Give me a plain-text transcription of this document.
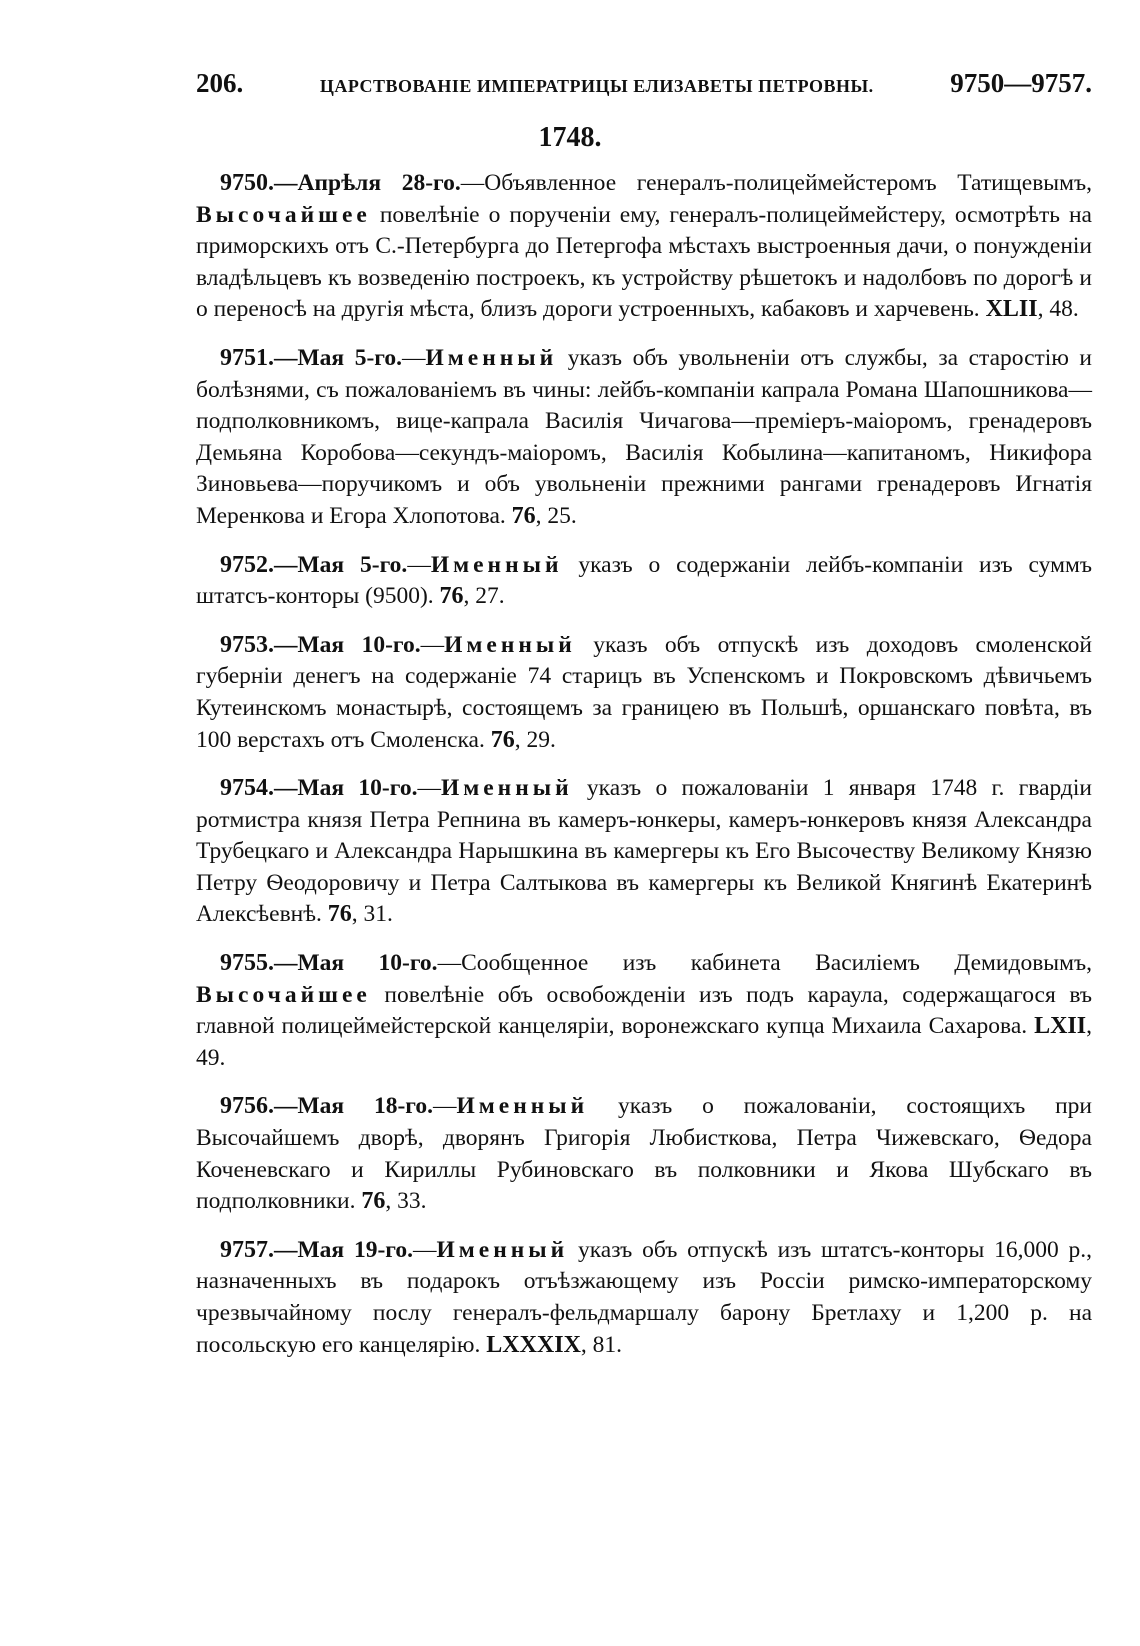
206.	ЦАРСТВОВАНІЕ ИМПЕРАТРИЦЫ ЕЛИЗАВЕТЫ ПЕТРОВНЫ.	9750—9757.
1748.

9750.—Апрѣля 28-го.—Объявленное генералъ-полицеймейстеромъ Татищевымъ, Высочайшее повелѣніе о порученіи ему, генералъ-полицеймейстеру, осмотрѣть на приморскихъ отъ С.-Петербурга до Петергофа мѣстахъ выстроенныя дачи, о понужденіи владѣльцевъ къ возведенію построекъ, къ устройству рѣшетокъ и надолбовъ по дорогѣ и о переносѣ на другія мѣста, близъ дороги устроенныхъ, кабаковъ и харчевень. XLII, 48.

9751.—Мая 5-го.—Именный указъ объ увольненіи отъ службы, за старостію и болѣзнями, съ пожалованіемъ въ чины: лейбъ-компаніи капрала Романа Шапошникова—подполковникомъ, вице-капрала Василія Чичагова—преміеръ-маіоромъ, гренадеровъ Демьяна Коробова—секундъ-маіоромъ, Василія Кобылина—капитаномъ, Никифора Зиновьева—поручикомъ и объ увольненіи прежними рангами гренадеровъ Игнатія Меренкова и Егора Хлопотова. 76, 25.

9752.—Мая 5-го.—Именный указъ о содержаніи лейбъ-компаніи изъ суммъ штатсъ-конторы (9500). 76, 27.

9753.—Мая 10-го.—Именный указъ объ отпускѣ изъ доходовъ смоленской губерніи денегъ на содержаніе 74 старицъ въ Успенскомъ и Покровскомъ дѣвичьемъ Кутеинскомъ монастырѣ, состоящемъ за границею въ Польшѣ, оршанскаго повѣта, въ 100 верстахъ отъ Смоленска. 76, 29.

9754.—Мая 10-го.—Именный указъ о пожалованіи 1 января 1748 г. гвардіи ротмистра князя Петра Репнина въ камеръ-юнкеры, камеръ-юнкеровъ князя Александра Трубецкаго и Александра Нарышкина въ камергеры къ Его Высочеству Великому Князю Петру Ѳеодоровичу и Петра Салтыкова въ камергеры къ Великой Княгинѣ Екатеринѣ Алексѣевнѣ. 76, 31.

9755.—Мая 10-го.—Сообщенное изъ кабинета Василіемъ Демидовымъ, Высочайшее повелѣніе объ освобожденіи изъ подъ караула, содержащагося въ главной полицеймейстерской канцеляріи, воронежскаго купца Михаила Сахарова. LXII, 49.

9756.—Мая 18-го.—Именный указъ о пожалованіи, состоящихъ при Высочайшемъ дворѣ, дворянъ Григорія Любисткова, Петра Чижевскаго, Ѳедора Коченевскаго и Кириллы Рубиновскаго въ полковники и Якова Шубскаго въ подполковники. 76, 33.

9757.—Мая 19-го.—Именный указъ объ отпускѣ изъ штатсъ-конторы 16,000 р., назначенныхъ въ подарокъ отъѣзжающему изъ Россіи римско-императорскому чрезвычайному послу генералъ-фельдмаршалу барону Бретлаху и 1,200 р. на посольскую его канцелярію. LXXXIX, 81.
